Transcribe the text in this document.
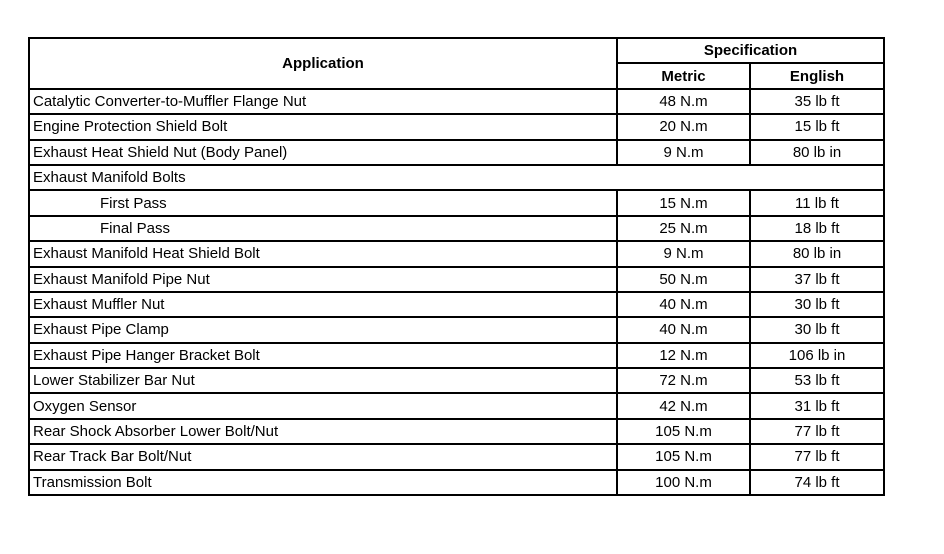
Application	Specification	
	Metric	English
Catalytic Converter-to-Muffler Flange Nut	48 N.m	35 lb ft
Engine Protection Shield Bolt	20 N.m	15 lb ft
Exhaust Heat Shield Nut (Body Panel)	9 N.m	80 lb in
Exhaust Manifold Bolts		
First Pass	15 N.m	11 lb ft
Final Pass	25 N.m	18 lb ft
Exhaust Manifold Heat Shield Bolt	9 N.m	80 lb in
Exhaust Manifold Pipe Nut	50 N.m	37 lb ft
Exhaust Muffler Nut	40 N.m	30 lb ft
Exhaust Pipe Clamp	40 N.m	30 lb ft
Exhaust Pipe Hanger Bracket Bolt	12 N.m	106 lb in
Lower Stabilizer Bar Nut	72 N.m	53 lb ft
Oxygen Sensor	42 N.m	31 lb ft
Rear Shock Absorber Lower Bolt/Nut	105 N.m	77 lb ft
Rear Track Bar Bolt/Nut	105 N.m	77 lb ft
Transmission Bolt	100 N.m	74 lb ft
